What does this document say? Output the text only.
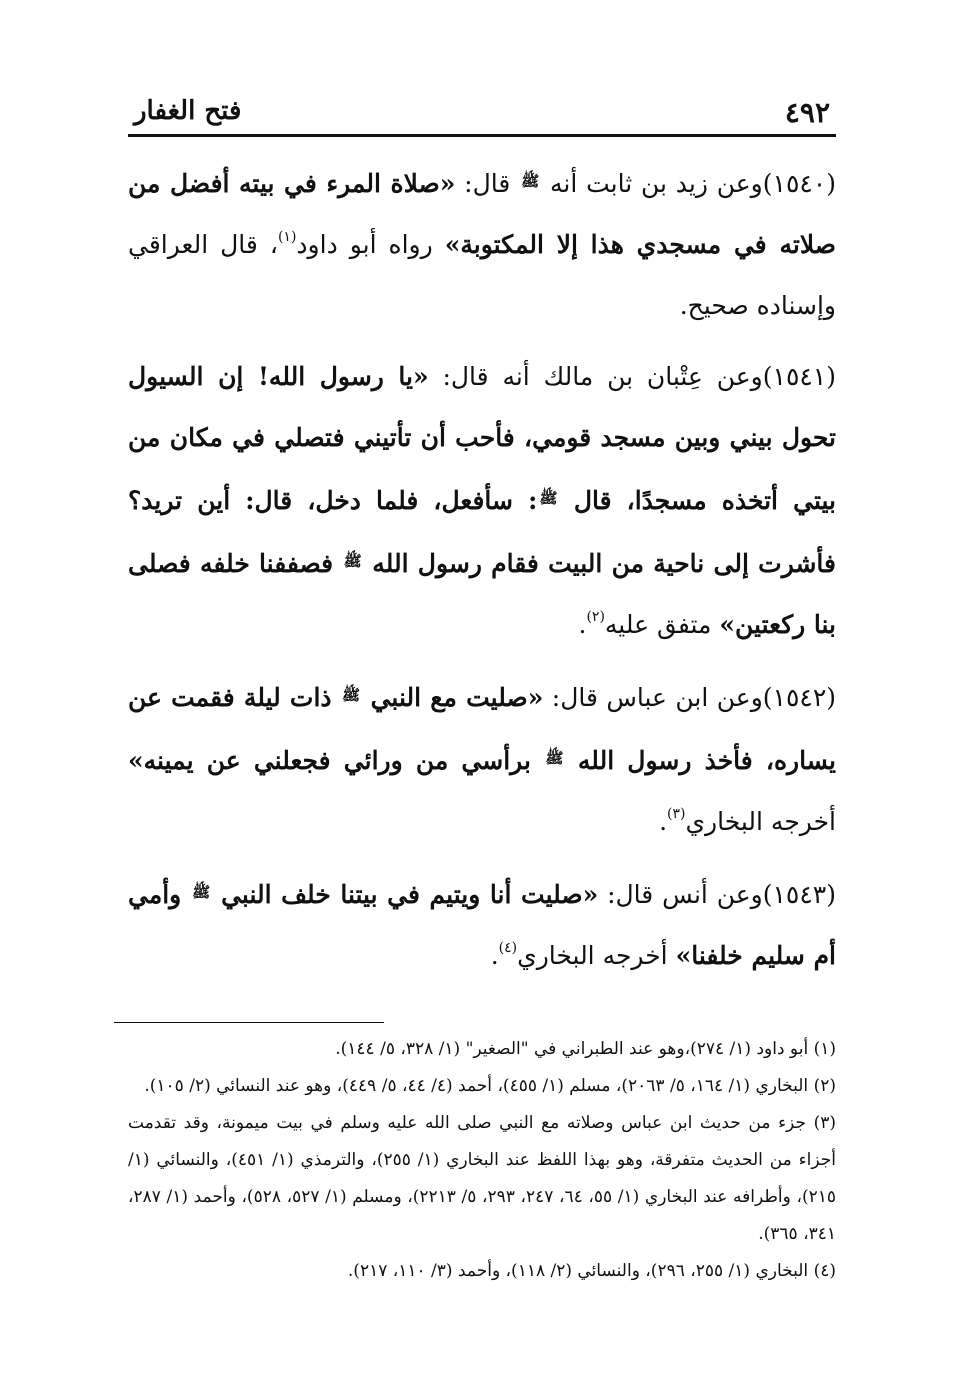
٤٩٢
فتح الغفار

(١٥٤٠)وعن زيد بن ثابت أنه $^ﷺ$ قال: «صلاة المرء في بيته أفضل من صلاته في مسجدي هذا إلا المكتوبة» رواه أبو داود$^{(١)}$، قال العراقي وإسناده صحيح.

(١٥٤١)وعن عِتْبان بن مالك أنه قال: «يا رسول الله! إن السيول تحول بيني وبين مسجد قومي، فأحب أن تأتيني فتصلي في مكان من بيتي أتخذه مسجدًا، قال $^ﷺ$: سأفعل، فلما دخل، قال: أين تريد؟ فأشرت إلى ناحية من البيت فقام رسول الله $^ﷺ$ فصففنا خلفه فصلى بنا ركعتين» متفق عليه$^{(٢)}$.

(١٥٤٢)وعن ابن عباس قال: «صليت مع النبي $^ﷺ$ ذات ليلة فقمت عن يساره، فأخذ رسول الله $^ﷺ$ برأسي من ورائي فجعلني عن يمينه» أخرجه البخاري$^{(٣)}$.

(١٥٤٣)وعن أنس قال: «صليت أنا ويتيم في بيتنا خلف النبي $^ﷺ$ وأمي أم سليم خلفنا» أخرجه البخاري$^{(٤)}$.

(١) أبو داود (١/ ٢٧٤)،وهو عند الطبراني في "الصغير" (١/ ٣٢٨، ٥/ ١٤٤).

(٢) البخاري (١/ ١٦٤، ٥/ ٢٠٦٣)، مسلم (١/ ٤٥٥)، أحمد (٤/ ٤٤، ٥/ ٤٤٩)، وهو عند النسائي (٢/ ١٠٥).

(٣) جزء من حديث ابن عباس وصلاته مع النبي صلى الله عليه وسلم في بيت ميمونة، وقد تقدمت أجزاء من الحديث متفرقة، وهو بهذا اللفظ عند البخاري (١/ ٢٥٥)، والترمذي (١/ ٤٥١)، والنسائي (١/ ٢١٥)، وأطرافه عند البخاري (١/ ٥٥، ٦٤، ٢٤٧، ٢٩٣، ٥/ ٢٢١٣)، ومسلم (١/ ٥٢٧، ٥٢٨)، وأحمد (١/ ٢٨٧، ٣٤١، ٣٦٥).

(٤) البخاري (١/ ٢٥٥، ٢٩٦)، والنسائي (٢/ ١١٨)، وأحمد (٣/ ١١٠، ٢١٧).
